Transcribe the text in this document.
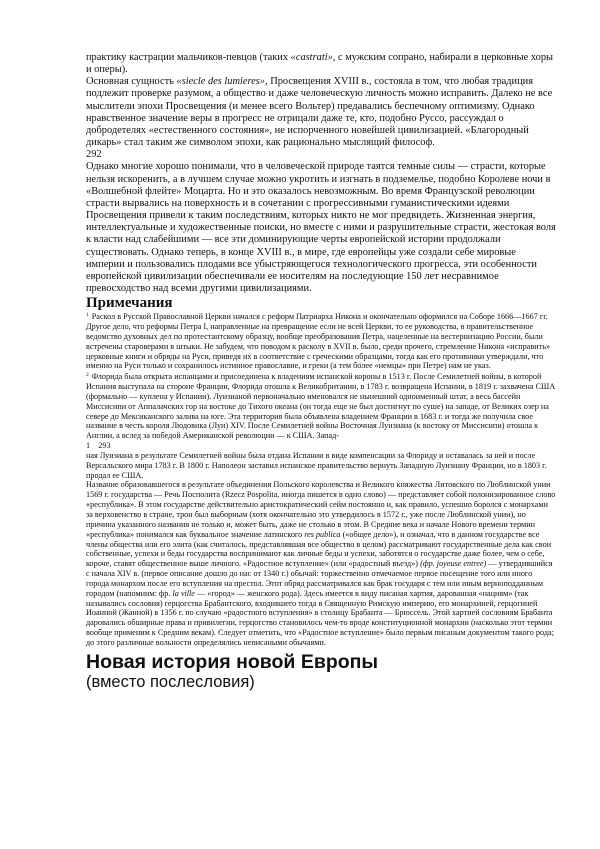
практику кастрации мальчиков-певцов (таких «castrati», с мужским сопрано, набирали в церковные хоры и оперы).

Основная сущность «siecle des lumieres», Просвещения XVIII в., состояла в том, что любая традиция подлежит проверке разумом, а общество и даже человеческую личность можно исправить. Далеко не все мыслители эпохи Просвещения (и менее всего Вольтер) предавались беспечному оптимизму. Однако нравственное значение веры в прогресс не отрицали даже те, кто, подобно Руссо, рассуждал о добродетелях «естественного состояния», не испорченного новейшей цивилизацией. «Благородный дикарь» стал таким же символом эпохи, как рационально мыслящий философ.

292

Однако многие хорошо понимали, что в человеческой природе таятся темные силы — страсти, которые нельзя искоренить, а в лучшем случае можно укротить и изгнать в подземелье, подобно Королеве ночи в «Волшебной флейте» Моцарта. Но и это оказалось невозможным. Во время Французской революции страсти вырвались на поверхность и в сочетании с прогрессивными гуманистическими идеями Просвещения привели к таким последствиям, которых никто не мог предвидеть. Жизненная энергия, интеллектуальные и художественные поиски, но вместе с ними и разрушительные страсти, жестокая воля к власти над слабейшими — все эти доминирующие черты европейской истории продолжали существовать. Однако теперь, в конце XVIII в., в мире, где европейцы уже создали себе мировые империи и пользовались плодами все убыстряющегося технологического прогресса, эти особенности европейской цивилизации обеспечивали ее носителям на последующие 150 лет несравнимое превосходство над всеми другими цивилизациями.

Примечания

$^1$ Раскол в Русской Православной Церкви начался с реформ Патриарха Никона и окончательно оформился на Соборе 1666—1667 гг. Другое дело, что реформы Петра I, направленные на превращение если не всей Церкви, то ее руководства, в правительственное ведомство духовных дел по протестантскому образцу, вообще преобразования Петра, нацеленные на вестернизацию России, были встречены староверами в штыки. Не забудем, что поводом к расколу в XVII в. было, среди прочего, стремление Никона «исправить» церковные книги и обряды на Руси, приведя их в соответствие с греческими образцами, тогда как его противники утверждали, что именно на Руси только и сохранилось истинное православие, и греки (а тем более «немцы» при Петре) нам не указ.

$^2$ Флорида была открыта испанцами и присоединена к владениям испанской короны в 1513 г. После Семилетней войны, в которой Испания выступала на стороне Франции, Флорида отошла к Великобритании, в 1783 г. возвращена Испании, в 1819 г. захвачена США (формально — куплена у Испании). Луизианой первоначально именовался не нынешний одноименный штат, а весь бассейн Миссисипи от Аппалачских гор на востоке до Тихого океана (он тогда еще не был достигнут по суше) на западе, от Великих озер на севере до Мексиканского залива на юге. Эта территория была объявлена владением Франции в 1683 г. и тогда же получила свое название в честь короля Людовика (Луи) XIV. После Семилетней войны Восточная Луизиана (к востоку от Миссисипи) отошла к Англии, а вслед за победой Американской революции — к США. Запад-

1    293

ная Луизиана в результате Семилетней войны была отдана Испании в виде компенсации за Флориду и оставалась за ней и после Версальского мира 1783 г. В 1800 г. Наполеон заставил испанское правительство вернуть Западную Луизиану Франции, но в 1803 г. продал ее США.

Название образовавшегося в результате объединения Польского королевства и Великого княжества Литовского по Люблинской унии 1569 г. государства — Речь Посполита (Rzecz Pospolita, иногда пишется в одно слово) — представляет собой полонизированное слово «республика». В этом государстве действительно аристократический сейм постоянно и, как правило, успешно боролся с монархами за верховенство в стране, трон был выборным (хотя окончательно это утвердилось в 1572 г., уже после Люблинской унии), но причина указанного названия не только и, может быть, даже не столько в этом. В Средние века и начале Нового времени термин «республика» понимался как буквальное значение латинского res publica («общее дело»), и означал, что в данном государстве все члены общества или его элита (как считалось, представлявшая все общество в целом) рассматривают государственные дела как свои собственные, успехи и беды государства воспринимают как личные беды и успехи, заботятся о государстве даже более, чем о себе, короче, ставят общественное выше личного. «Радостное вступление» (или «радостный въезд») (фр. joyeuse entree) — утвердившийся с начала XIV в. (первое описание дошло до нас от 1340 г.) обычай: торжественно отмечаемое первое посещение того или иного города монархом после его вступления на престол. Этот обряд рассматривался как брак государя с тем или иным верноподданным городом (напомним: фр. la ville — «город» — женского рода). Здесь имеется в виду писаная хартия, дарованная «нациям» (так назывались сословия) герцогства Брабантского, входившего тогда в Священную Римскую империю, его монархиней, герцогиней Иоанной (Жанной) в 1356 г. по случаю «радостного вступления» в столицу Брабанта — Брюссель. Этой хартией сословиям Брабанта даровались обширные права и привилегии, герцогство становилось чем-то вроде конституционной монархии (насколько этот термин вообще применим к Средним векам). Следует отметить, что «Радостное вступление» было первым писаным документом такого рода; до этого различные вольности определялись неписаными обычаями.

Новая история новой Европы
(вместо послесловия)
